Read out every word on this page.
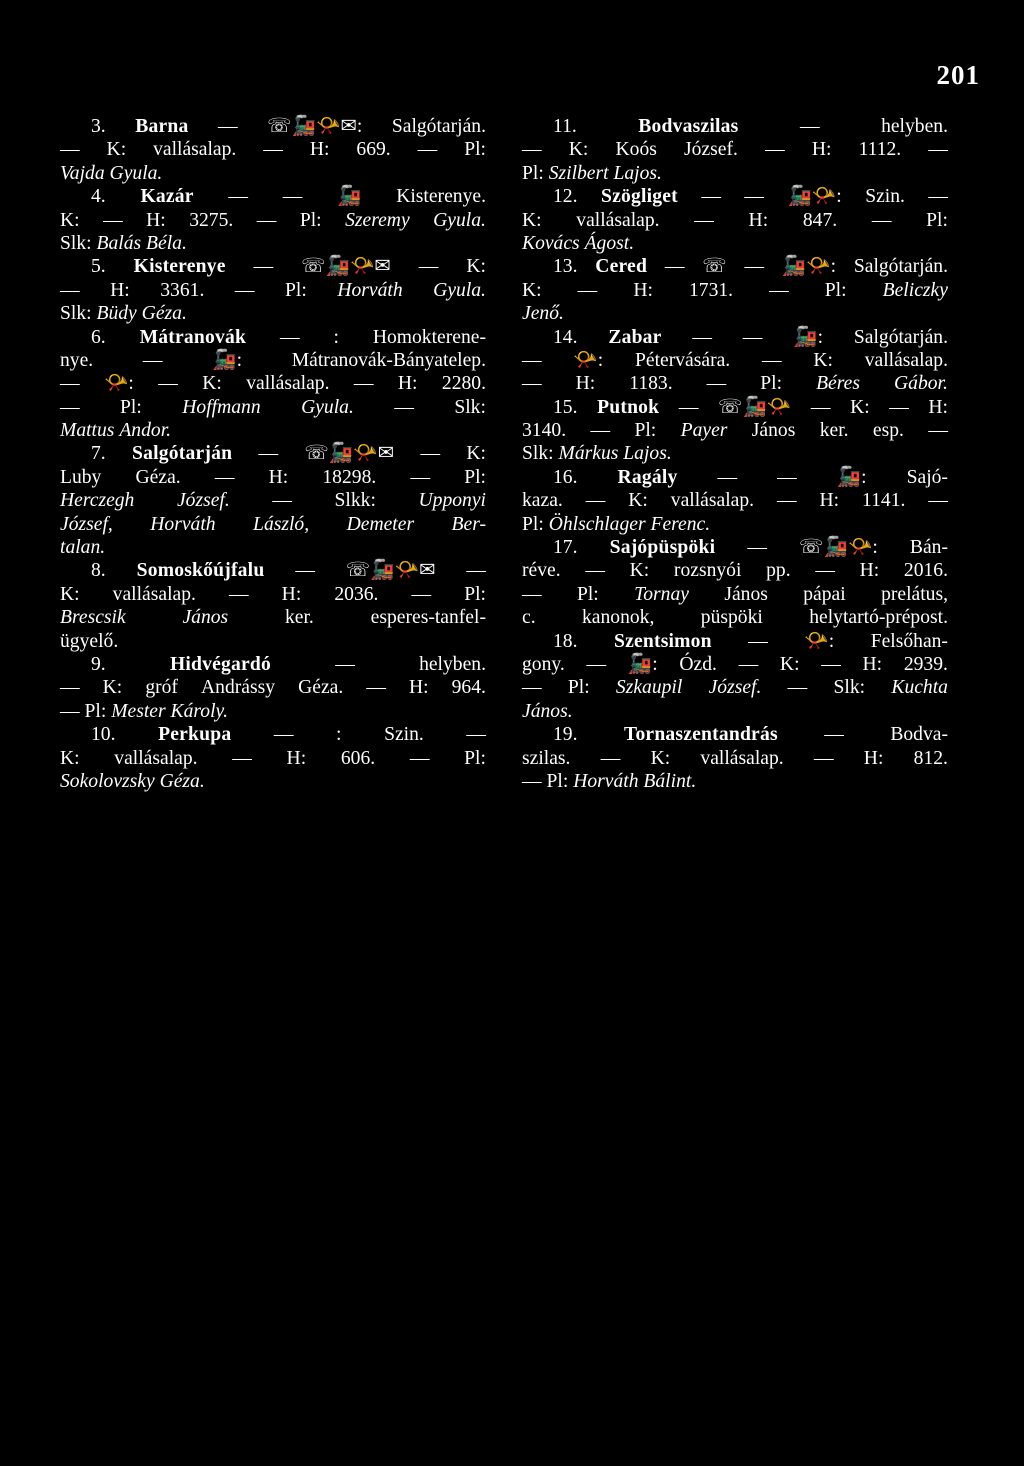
201
3. Barna — ☏🚂📯✉: Salgótarján.
— K: vallásalap. — H: 669. — Pl:
Vajda
Gyula.

4. Kazár — — 🚂 Kisterenye.
K: — H: 3275. — Pl: Szeremy Gyula.
Slk:
Balás
Béla.

5. Kisterenye — ☏🚂📯✉ — K:
— H: 3361. — Pl: Horváth Gyula.
Slk:
Büdy
Géza.

6. Mátranovák — : Homokterene-
nye.	—	🚂:	Mátranovák-Bányatelep.
— 📯: — K: vallásalap. — H: 2280.
— Pl: Hoffmann Gyula. — Slk:
Mattus
Andor.

7. Salgótarján — ☏🚂📯✉ — K:
Luby Géza. — H: 18298. — Pl:
Herczegh József. — Slkk: Upponyi
József, Horváth László, Demeter Ber-
talan.

8. Somoskőújfalu — ☏🚂📯✉ —
K: vallásalap. — H: 2036. — Pl:
Brescsik	János	ker.	esperes-tanfel-
ügyelő.

9.	Hidvégardó	—	helyben.
— K: gróf Andrássy Géza. — H: 964.
—
Pl:
Mester
Károly.

10. Perkupa — : Szin. —
K: vallásalap. — H: 606. — Pl:
Sokolovzsky
Géza.

11.	Bodvaszilas	—	helyben.
— K: Koós József. — H: 1112. —
Pl:
Szilbert
Lajos.

12. Szögliget — — 🚂📯: Szin. —
K: vallásalap. — H: 847. — Pl:
Kovács
Ágost.

13. Cered — ☏ — 🚂📯: Salgótarján.
K: — H: 1731. — Pl: Beliczky
Jenő.

14. Zabar — — 🚂: Salgótarján.
— 📯: Pétervására. — K: vallásalap.
— H: 1183. — Pl: Béres Gábor.
15. Putnok — ☏🚂📯 — K: — H:
3140. — Pl: Payer János ker. esp. —
Slk:
Márkus
Lajos.

16. Ragály — — 🚂: Sajó-
kaza. — K: vallásalap. — H: 1141. —
Pl:
Öhlschlager
Ferenc.

17. Sajópüspöki — ☏🚂📯: Bán-
réve. — K: rozsnyói pp. — H: 2016.
— Pl: Tornay János pápai prelátus,
c. kanonok, püspöki helytartó-prépost.
18. Szentsimon — 📯: Felsőhan-
gony. — 🚂: Ózd. — K: — H: 2939.
— Pl: Szkaupil József. — Slk: Kuchta
János.

19. Tornaszentandrás — Bodva-
szilas. — K: vallásalap. — H: 812.
—
Pl:
Horváth
Bálint.
